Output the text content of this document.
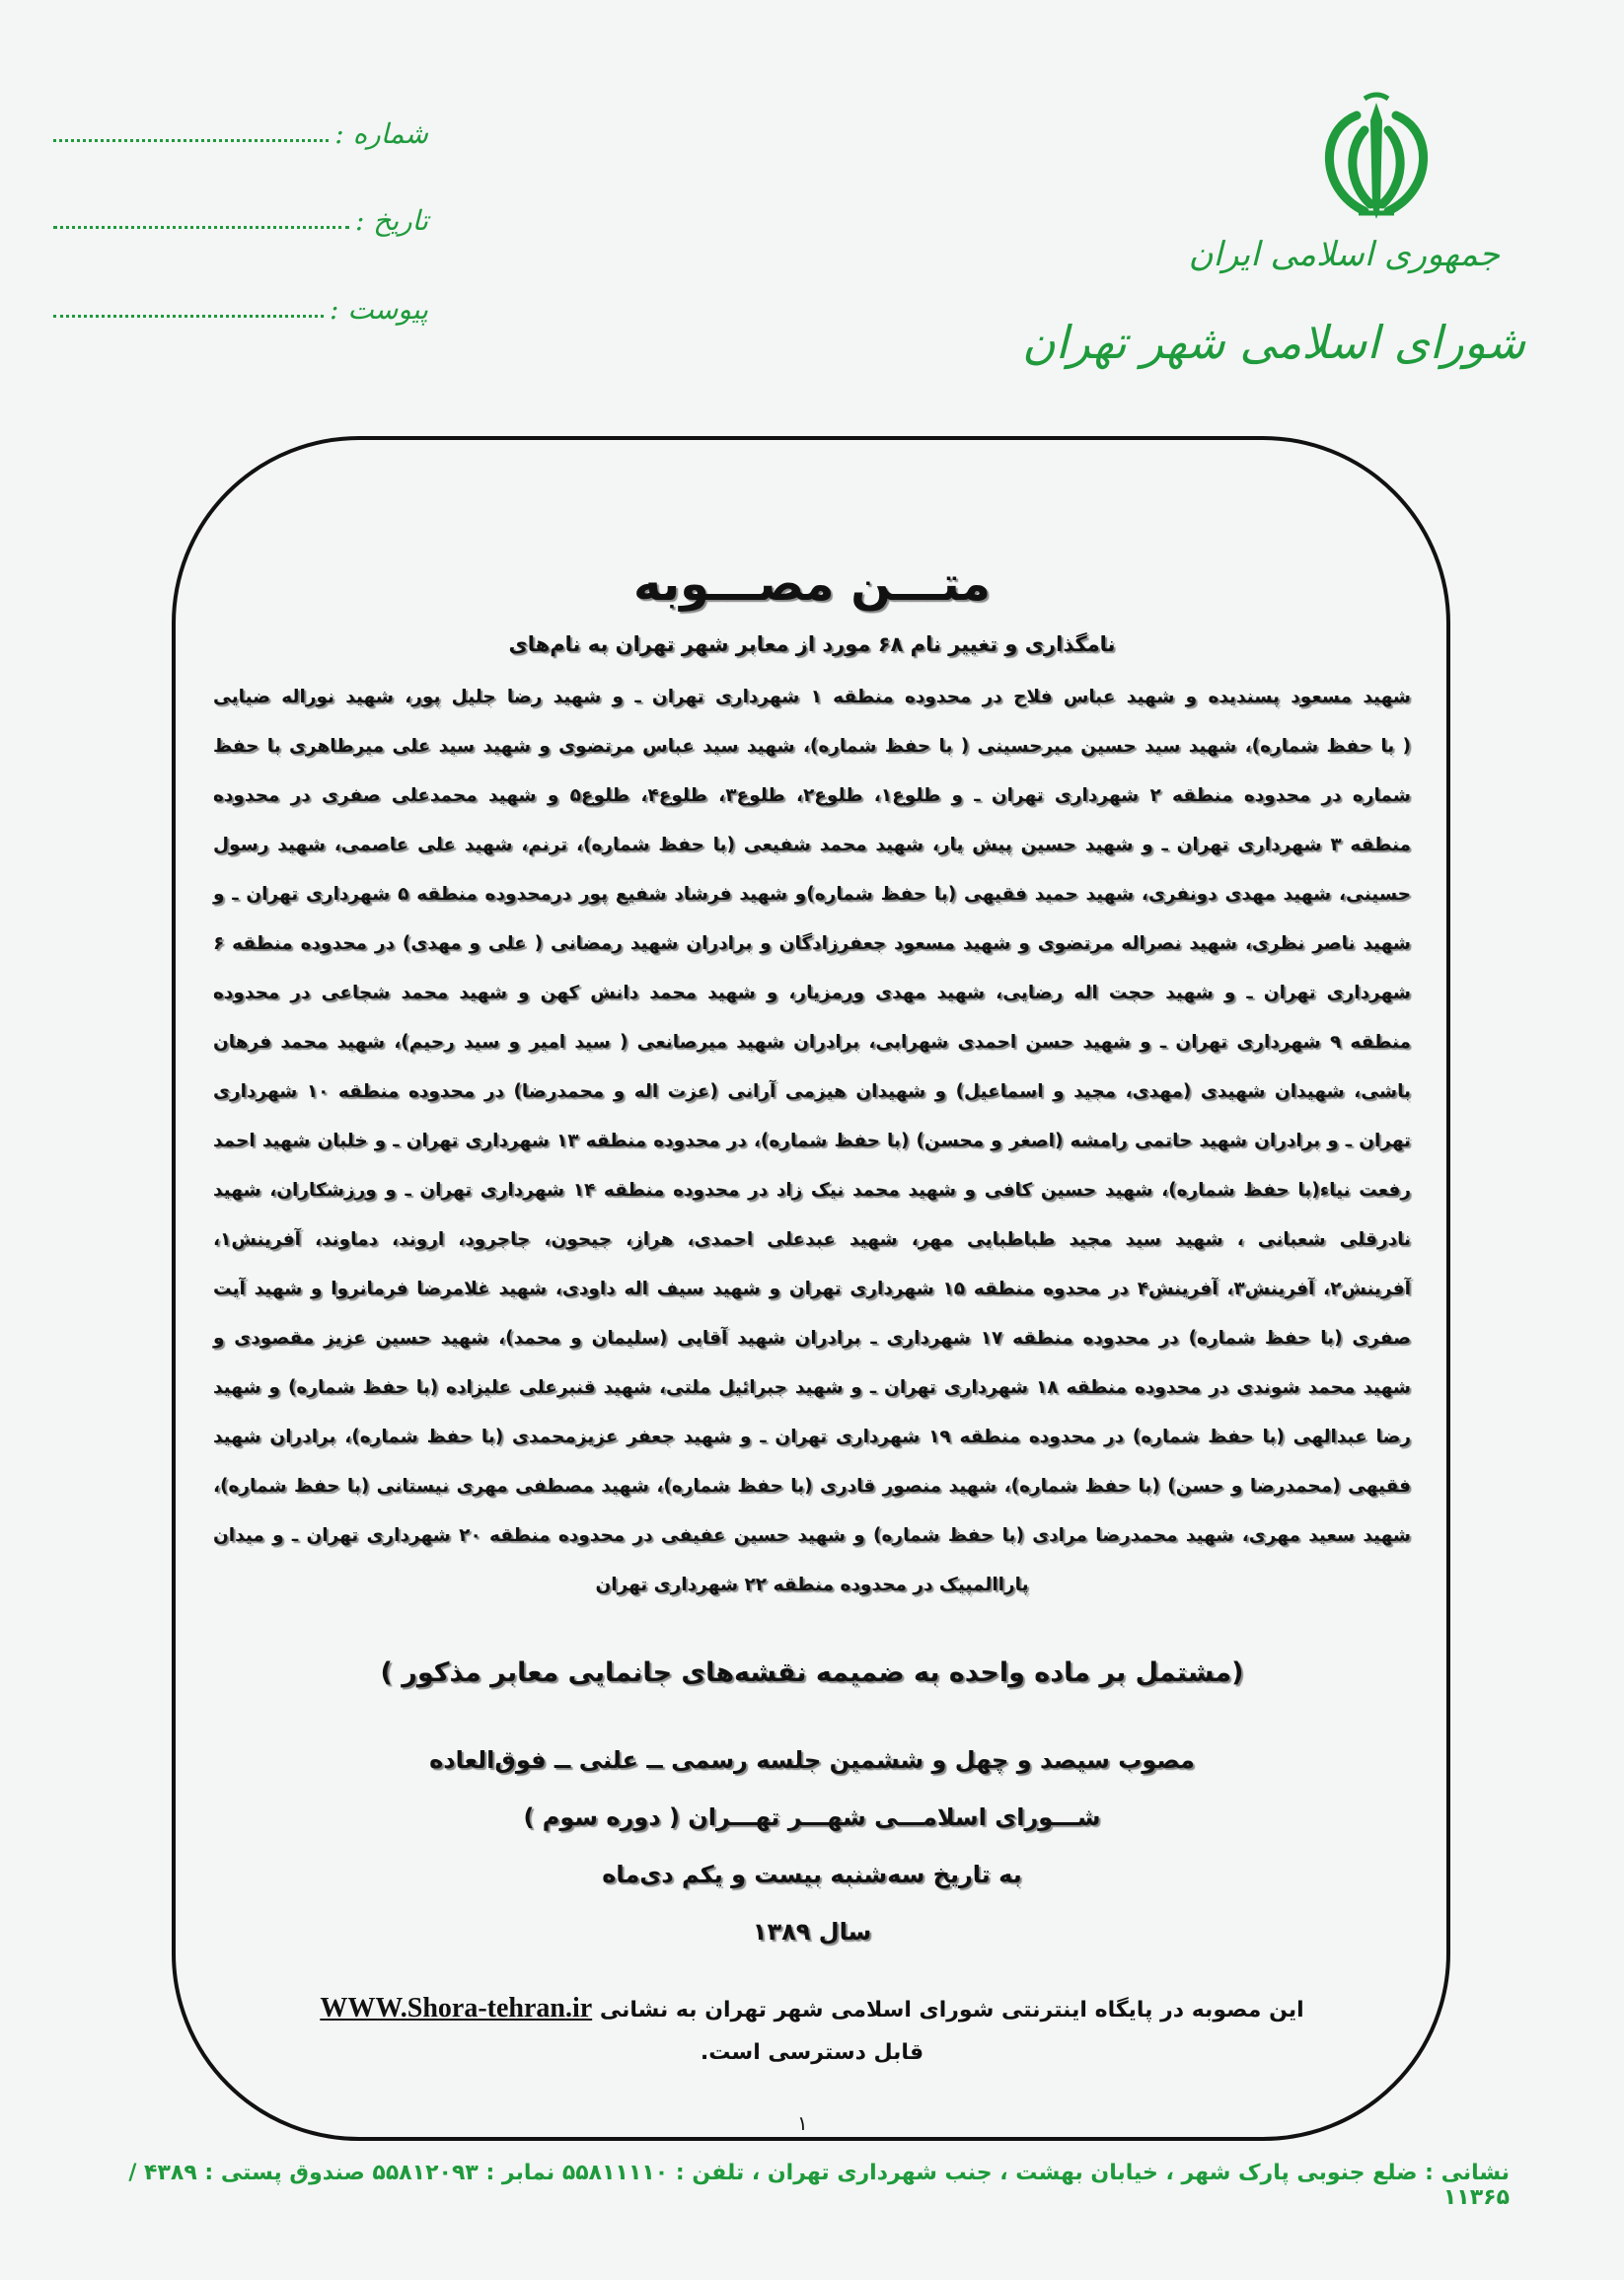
جمهوری اسلامی ایران
شورای اسلامی شهر تهران
شماره :
تاریخ :
پیوست :
متـــن مصـــوبه
نامگذاری و تغییر نام ۶۸ مورد از معابر شهر تهران به نام‌های
شهید مسعود پسندیده و شهید عباس فلاح در محدوده منطقه ۱ شهرداری تهران ـ و شهید رضا جلیل پور، شهید نوراله ضیایی
( با حفظ شماره)، شهید سید حسین میرحسینی ( با حفظ شماره)، شهید سید عباس مرتضوی و شهید سید علی میرطاهری با حفظ
شماره در محدوده منطقه ۲ شهرداری تهران ـ و طلوع۱، طلوع۲، طلوع۳، طلوع۴، طلوع۵ و شهید محمدعلی صفری در محدوده
منطقه ۳ شهرداری تهران ـ و شهید حسین پیش یار، شهید محمد شفیعی (با حفظ شماره)، ترنم، شهید علی عاصمی، شهید رسول
حسینی، شهید مهدی دونفری، شهید حمید فقیهی (با حفظ شماره)و شهید فرشاد شفیع پور درمحدوده منطقه ۵ شهرداری تهران ـ و
شهید ناصر نظری، شهید نصراله مرتضوی و شهید مسعود جعفرزادگان و برادران شهید رمضانی ( علی و مهدی) در محدوده منطقه ۶
شهرداری تهران ـ و شهید حجت اله رضایی، شهید مهدی ورمزیار، و شهید محمد دانش کهن و شهید محمد شجاعی در محدوده
منطقه ۹ شهرداری تهران ـ و شهید حسن احمدی شهرابی، برادران شهید میرصانعی ( سید امیر و سید رحیم)، شهید محمد فرهان
باشی، شهیدان شهیدی (مهدی، مجید و اسماعیل) و شهیدان هیزمی آرانی (عزت اله و محمدرضا) در محدوده منطقه ۱۰ شهرداری
تهران ـ و برادران شهید حاتمی رامشه (اصغر و محسن) (با حفظ شماره)، در محدوده منطقه ۱۳ شهرداری تهران ـ و خلبان شهید احمد
رفعت نیاء(با حفظ شماره)، شهید حسین کافی و شهید محمد نیک زاد در محدوده منطقه ۱۴ شهرداری تهران ـ و ورزشکاران، شهید
نادرقلی شعبانی ، شهید سید مجید طباطبایی مهر، شهید عبدعلی احمدی، هراز، جیحون، جاجرود، اروند، دماوند، آفرینش۱،
آفرینش۲، آفرینش۳، آفرینش۴ در محدوه منطقه ۱۵ شهرداری تهران و شهید سیف اله داودی، شهید غلامرضا فرمانروا و شهید آیت
صفری (با حفظ شماره) در محدوده منطقه ۱۷ شهرداری ـ برادران شهید آقایی (سلیمان و محمد)، شهید حسین عزیز مقصودی و
شهید محمد شوندی در محدوده منطقه ۱۸ شهرداری تهران ـ و شهید جبرائیل ملتی، شهید قنبرعلی علیزاده (با حفظ شماره) و شهید
رضا عبدالهی (با حفظ شماره) در محدوده منطقه ۱۹ شهرداری تهران ـ و شهید جعفر عزیزمحمدی (با حفظ شماره)، برادران شهید
فقیهی (محمدرضا و حسن) (با حفظ شماره)، شهید منصور قادری (با حفظ شماره)، شهید مصطفی مهری نیستانی (با حفظ شماره)،
شهید سعید مهری، شهید محمدرضا مرادی (با حفظ شماره) و شهید حسین عفیفی در محدوده منطقه ۲۰ شهرداری تهران ـ و میدان
پاراالمپیک در محدوده منطقه ۲۲ شهرداری تهران
(مشتمل بر ماده واحده به ضمیمه نقشه‌های جانمایی معابر مذکور )
مصوب سیصد و چهل و ششمین جلسه رسمی ــ علنی ــ فوق‌العاده
شـــورای اسلامـــی شهـــر تهـــران ( دوره سوم )
به تاریخ سه‌شنبه بیست و یکم دی‌ماه
سال ۱۳۸۹
این مصوبه در پایگاه اینترنتی شورای اسلامی شهر تهران به نشانی WWW.Shora-tehran.ir
قابل دسترسی است.
۱
نشانی : ضلع جنوبی پارک شهر ، خیابان بهشت ، جنب شهرداری تهران ، تلفن : ۵۵۸۱۱۱۱۰ نمابر : ۵۵۸۱۲۰۹۳ صندوق پستی : ۴۳۸۹ / ۱۱۳۶۵
